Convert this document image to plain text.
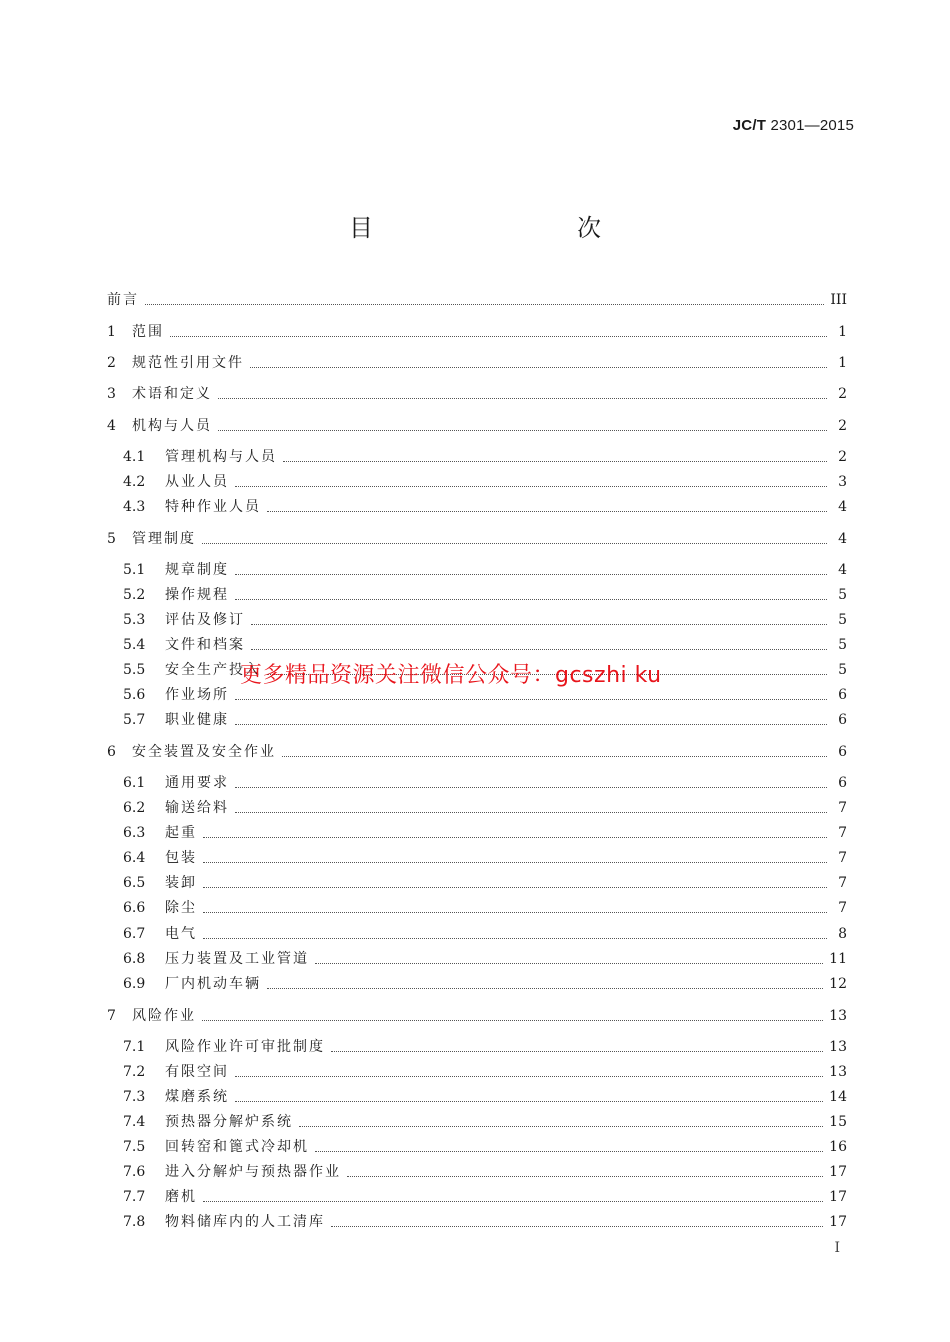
JC/T 2301—2015
目　　次
前言	III
1	范围	1
2	规范性引用文件	1
3	术语和定义	2
4	机构与人员	2
4.1	管理机构与人员	2
4.2	从业人员	3
4.3	特种作业人员	4
5	管理制度	4
5.1	规章制度	4
5.2	操作规程	5
5.3	评估及修订	5
5.4	文件和档案	5
5.5	安全生产投入	5
5.6	作业场所	6
5.7	职业健康	6
6	安全装置及安全作业	6
6.1	通用要求	6
6.2	输送给料	7
6.3	起重	7
6.4	包装	7
6.5	装卸	7
6.6	除尘	7
6.7	电气	8
6.8	压力装置及工业管道	11
6.9	厂内机动车辆	12
7	风险作业	13
7.1	风险作业许可审批制度	13
7.2	有限空间	13
7.3	煤磨系统	14
7.4	预热器分解炉系统	15
7.5	回转窑和篦式冷却机	16
7.6	进入分解炉与预热器作业	17
7.7	磨机	17
7.8	物料储库内的人工清库	17
更多精品资源关注微信公众号：gcszhi ku
I
